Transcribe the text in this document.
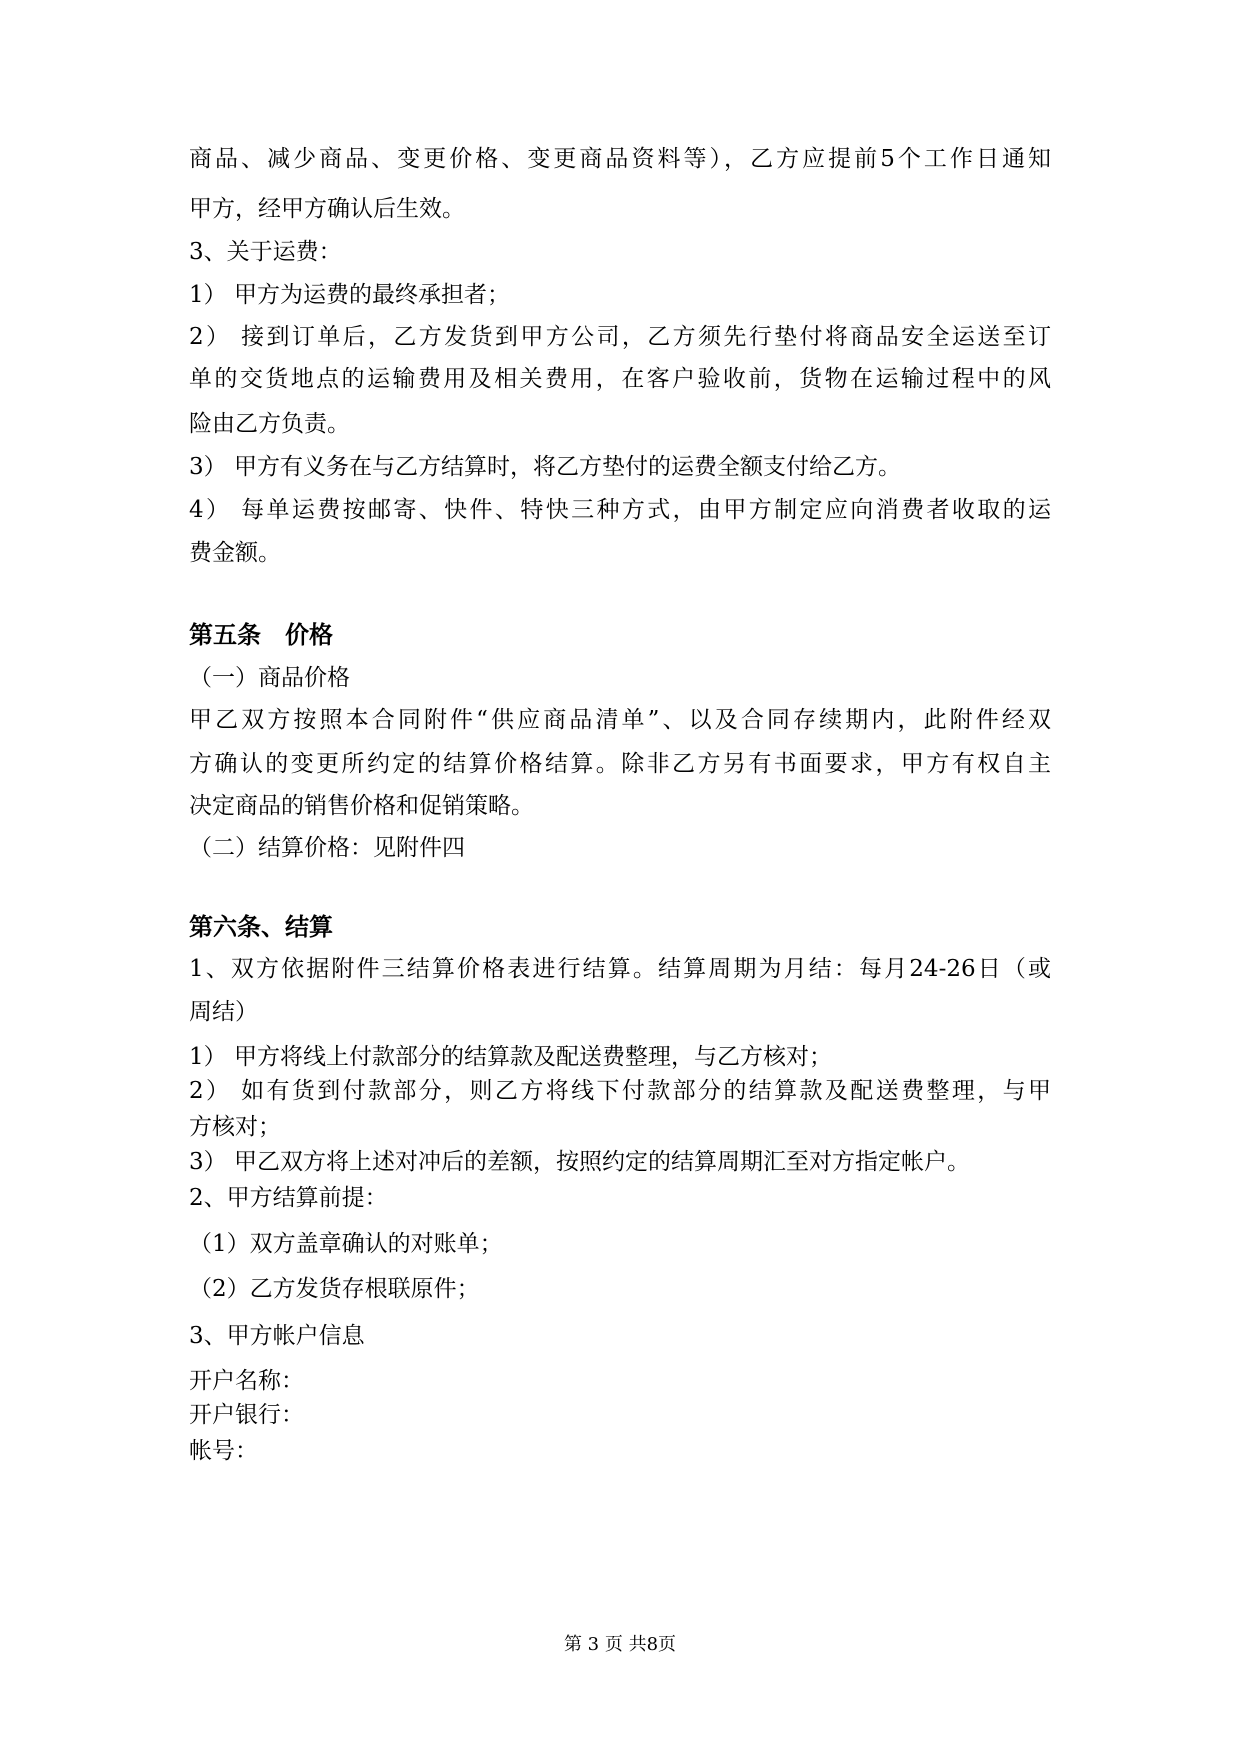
商品、减少商品、变更价格、变更商品资料等），乙方应提前5个工作日通知
甲方，经甲方确认后生效。
3、关于运费：
1） 甲方为运费的最终承担者；
2） 接到订单后，乙方发货到甲方公司，乙方须先行垫付将商品安全运送至订
单的交货地点的运输费用及相关费用，在客户验收前，货物在运输过程中的风
险由乙方负责。
3） 甲方有义务在与乙方结算时，将乙方垫付的运费全额支付给乙方。
4） 每单运费按邮寄、快件、特快三种方式，由甲方制定应向消费者收取的运
费金额。
第五条　价格
（一）商品价格
甲乙双方按照本合同附件“供应商品清单”、以及合同存续期内，此附件经双
方确认的变更所约定的结算价格结算。除非乙方另有书面要求，甲方有权自主
决定商品的销售价格和促销策略。
（二）结算价格：见附件四
第六条、结算
1、双方依据附件三结算价格表进行结算。结算周期为月结：每月24-26日（或
周结）
1） 甲方将线上付款部分的结算款及配送费整理，与乙方核对；
2） 如有货到付款部分，则乙方将线下付款部分的结算款及配送费整理，与甲
方核对；
3） 甲乙双方将上述对冲后的差额，按照约定的结算周期汇至对方指定帐户。
2、甲方结算前提：
（1）双方盖章确认的对账单；
（2）乙方发货存根联原件；
3、甲方帐户信息
开户名称：
开户银行：
帐号：
第 3 页 共8页
